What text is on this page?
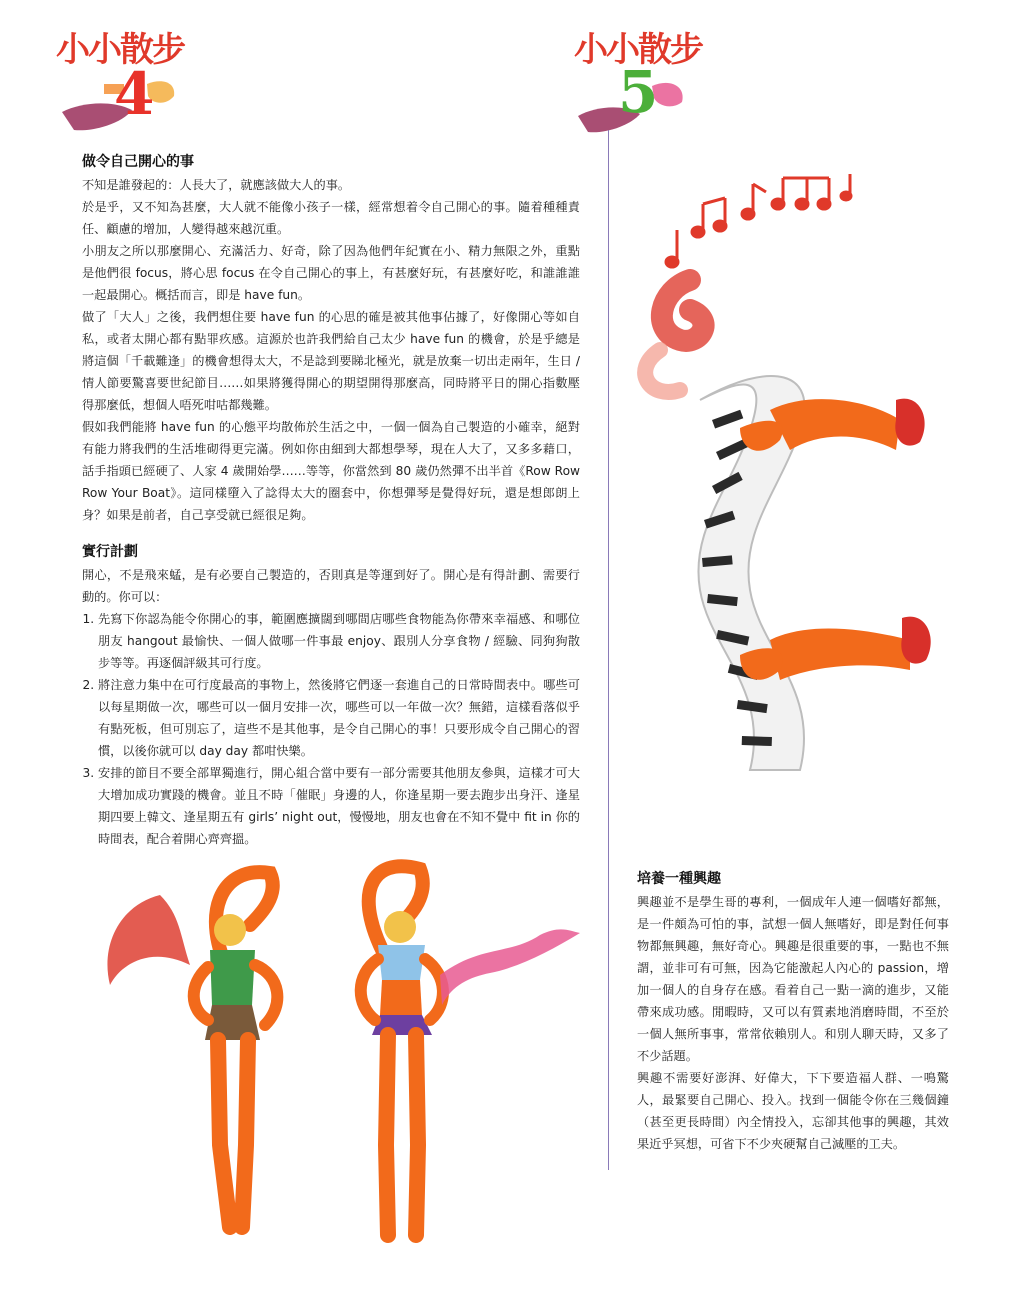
小小散步
4
小小散步
5
做令自己開心的事

不知是誰發起的：人長大了，就應該做大人的事。

於是乎，又不知為甚麼，大人就不能像小孩子一樣，經常想着令自己開心的事。隨着種種責任、顧慮的增加，人變得越來越沉重。

小朋友之所以那麼開心、充滿活力、好奇，除了因為他們年紀實在小、精力無限之外，重點是他們很 focus，將心思 focus 在令自己開心的事上，有甚麼好玩，有甚麼好吃，和誰誰誰一起最開心。概括而言，即是 have fun。

做了「大人」之後，我們想住要 have fun 的心思的確是被其他事佔據了，好像開心等如自私，或者太開心都有點罪疚感。這源於也許我們給自己太少 have fun 的機會，於是乎總是將這個「千載難逢」的機會想得太大，不是諗到要睇北極光，就是放棄一切出走兩年，生日 / 情人節要驚喜要世紀節目……如果將獲得開心的期望開得那麼高，同時將平日的開心指數壓得那麼低，想個人唔死咁咕都幾難。

假如我們能將 have fun 的心態平均散佈於生活之中，一個一個為自己製造的小確幸，絕對有能力將我們的生活堆砌得更完滿。例如你由細到大都想學琴，現在人大了，又多多藉口，話手指頭已經硬了、人家 4 歲開始學……等等，你當然到 80 歲仍然彈不出半首《Row Row Row Your Boat》。這同樣墮入了諗得太大的圈套中，你想彈琴是覺得好玩，還是想郎朗上身？如果是前者，自己享受就已經很足夠。

實行計劃

開心，不是飛來蜢，是有必要自己製造的，否則真是等運到好了。開心是有得計劃、需要行動的。你可以：

1. 先寫下你認為能令你開心的事，範圍應擴闊到哪間店哪些食物能為你帶來幸福感、和哪位朋友 hangout 最愉快、一個人做哪一件事最 enjoy、跟別人分享食物 / 經驗、同狗狗散步等等。再逐個評級其可行度。
2. 將注意力集中在可行度最高的事物上，然後將它們逐一套進自己的日常時間表中。哪些可以每星期做一次，哪些可以一個月安排一次，哪些可以一年做一次？無錯，這樣看落似乎有點死板，但可別忘了，這些不是其他事，是令自己開心的事！只要形成令自己開心的習慣，以後你就可以 day day 都咁快樂。
3. 安排的節目不要全部單獨進行，開心組合當中要有一部分需要其他朋友參與，這樣才可大大增加成功實踐的機會。並且不時「催眠」身邊的人，你逢星期一要去跑步出身汗、逢星期四要上韓文、逢星期五有 girls’ night out，慢慢地，朋友也會在不知不覺中 fit in 你的時間表，配合着開心齊齊搵。
培養一種興趣

興趣並不是學生哥的專利，一個成年人連一個嗜好都無，是一件頗為可怕的事，試想一個人無嗜好，即是對任何事物都無興趣，無好奇心。興趣是很重要的事，一點也不無謂，並非可有可無，因為它能激起人內心的 passion，增加一個人的自身存在感。看着自己一點一滴的進步，又能帶來成功感。閒暇時，又可以有質素地消磨時間，不至於一個人無所事事，常常依賴別人。和別人聊天時，又多了不少話題。

興趣不需要好澎湃、好偉大，下下要造福人群、一鳴驚人，最緊要自己開心、投入。找到一個能令你在三幾個鐘（甚至更長時間）內全情投入，忘卻其他事的興趣，其效果近乎冥想，可省下不少夾硬幫自己減壓的工夫。
